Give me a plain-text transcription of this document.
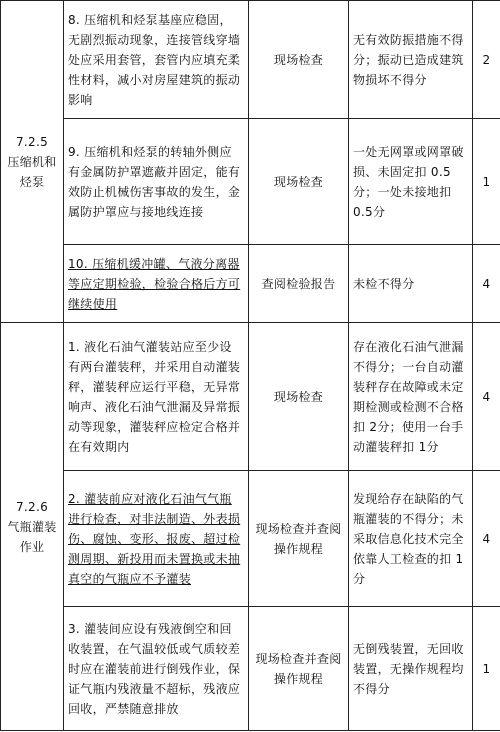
7.2.5
压缩机和
烃泵	8. 压缩机和烃泵基座应稳固，无剧烈振动现象，连接管线穿墙处应采用套管，套管内应填充柔性材料，减小对房屋建筑的振动影响	现场检查	无有效防振措施不得分；振动已造成建筑物损坏不得分	2
	9. 压缩机和烃泵的转轴外侧应有金属防护罩遮蔽并固定，能有效防止机械伤害事故的发生，金属防护罩应与接地线连接	现场检查	一处无网罩或网罩破损、未固定扣 0.5分；一处未接地扣 0.5分	1
	10. 压缩机缓冲罐、气液分离器等应定期检验，检验合格后方可继续使用	查阅检验报告	未检不得分	4
7.2.6
气瓶灌装
作业	1. 液化石油气灌装站应至少设有两台灌装秤，并采用自动灌装秤，灌装秤应运行平稳，无异常响声、液化石油气泄漏及异常振动等现象，灌装秤应检定合格并在有效期内	现场检查	存在液化石油气泄漏不得分；一台自动灌装秤存在故障或未定期检测或检测不合格扣 2分；使用一台手动灌装秤扣 1分	4
	2. 灌装前应对液化石油气气瓶进行检查，对非法制造、外表损伤、腐蚀、变形、报废、超过检测周期、新投用而未置换或未抽真空的气瓶应不予灌装	现场检查并查阅操作规程	发现给存在缺陷的气瓶灌装的不得分；未采取信息化技术完全依靠人工检查的扣 1分	4
	3. 灌装间应设有残液倒空和回收装置，在气温较低或气质较差时应在灌装前进行倒残作业，保证气瓶内残液量不超标，残液应回收，严禁随意排放	现场检查并查阅操作规程	无倒残装置，无回收装置，无操作规程均不得分	1
